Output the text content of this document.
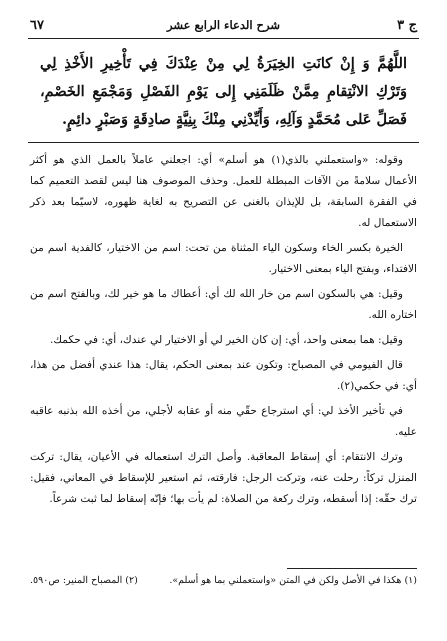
ج ٣
شرح الدعاء الرابع عشر
٦٧
اللَّهُمَّ وَ إِنْ كانَتِ الخِيَرَةُ لِي مِنْ عِنْدَكَ فِي تَأْخِيرِ الأَخْذِ لِي وَتَرْكِ الانْتِقامِ مِمَّنْ ظَلَمَنِي إِلى يَوْمِ الفَصْلِ وَمَجْمَعِ الخَصْمِ، فَصَلِّ عَلى مُحَمَّدٍ وَآلِهِ، وَأَيِّدْنِي مِنْكَ بِنِيَّةٍ صادِقَةٍ وَصَبْرٍ دائِمٍ.

وقوله: «واستعملني بالذي(١) هو أسلم» أي: اجعلني عاملاً بالعمل الذي هو أكثر الأعمال سلامةً من الآفات المبطلة للعمل. وحذف الموصوف هنا ليس لقصد التعميم كما في الفقرة السابقة، بل للإيذان بالغنى عن التصريح به لغاية ظهوره، لاسيّما بعد ذكر الاستعمال له.

الخيرة بكسر الخاء وسكون الياء المثناة من تحت: اسم من الاختيار، كالفدية اسم من الافتداء، وبفتح الياء بمعنى الاختيار.

وقيل: هي بالسكون اسم من خار الله لك أي: أعطاك ما هو خير لك، وبالفتح اسم من اختاره الله.

وقيل: هما بمعنى واحد، أي: إن كان الخير لي أو الاختيار لي عندك، أي: في حكمك.

قال الفيومي في المصباح: وتكون عند بمعنى الحكم، يقال: هذا عندي أفضل من هذا، أي: في حكمي(٢).

في تأخير الأخذ لي: أي استرجاع حقّي منه أو عقابه لأجلي، من أخذه الله بذنبه عاقبه عليه.

وترك الانتقام: أي إسقاط المعاقبة. وأصل الترك استعماله في الأعيان، يقال: تركت المنزل تركاً: رحلت عنه، وتركت الرجل: فارقته، ثم استعير للإسقاط في المعاني، فقيل: ترك حقّه: إذا أسقطه، وترك ركعة من الصلاة: لم يأت بها؛ فإنّه إسقاط لما ثبت شرعاً.

(١) هكذا في الأصل ولكن في المتن «واستعملني بما هو أسلم».
(٢) المصباح المنير: ص٥٩٠.
